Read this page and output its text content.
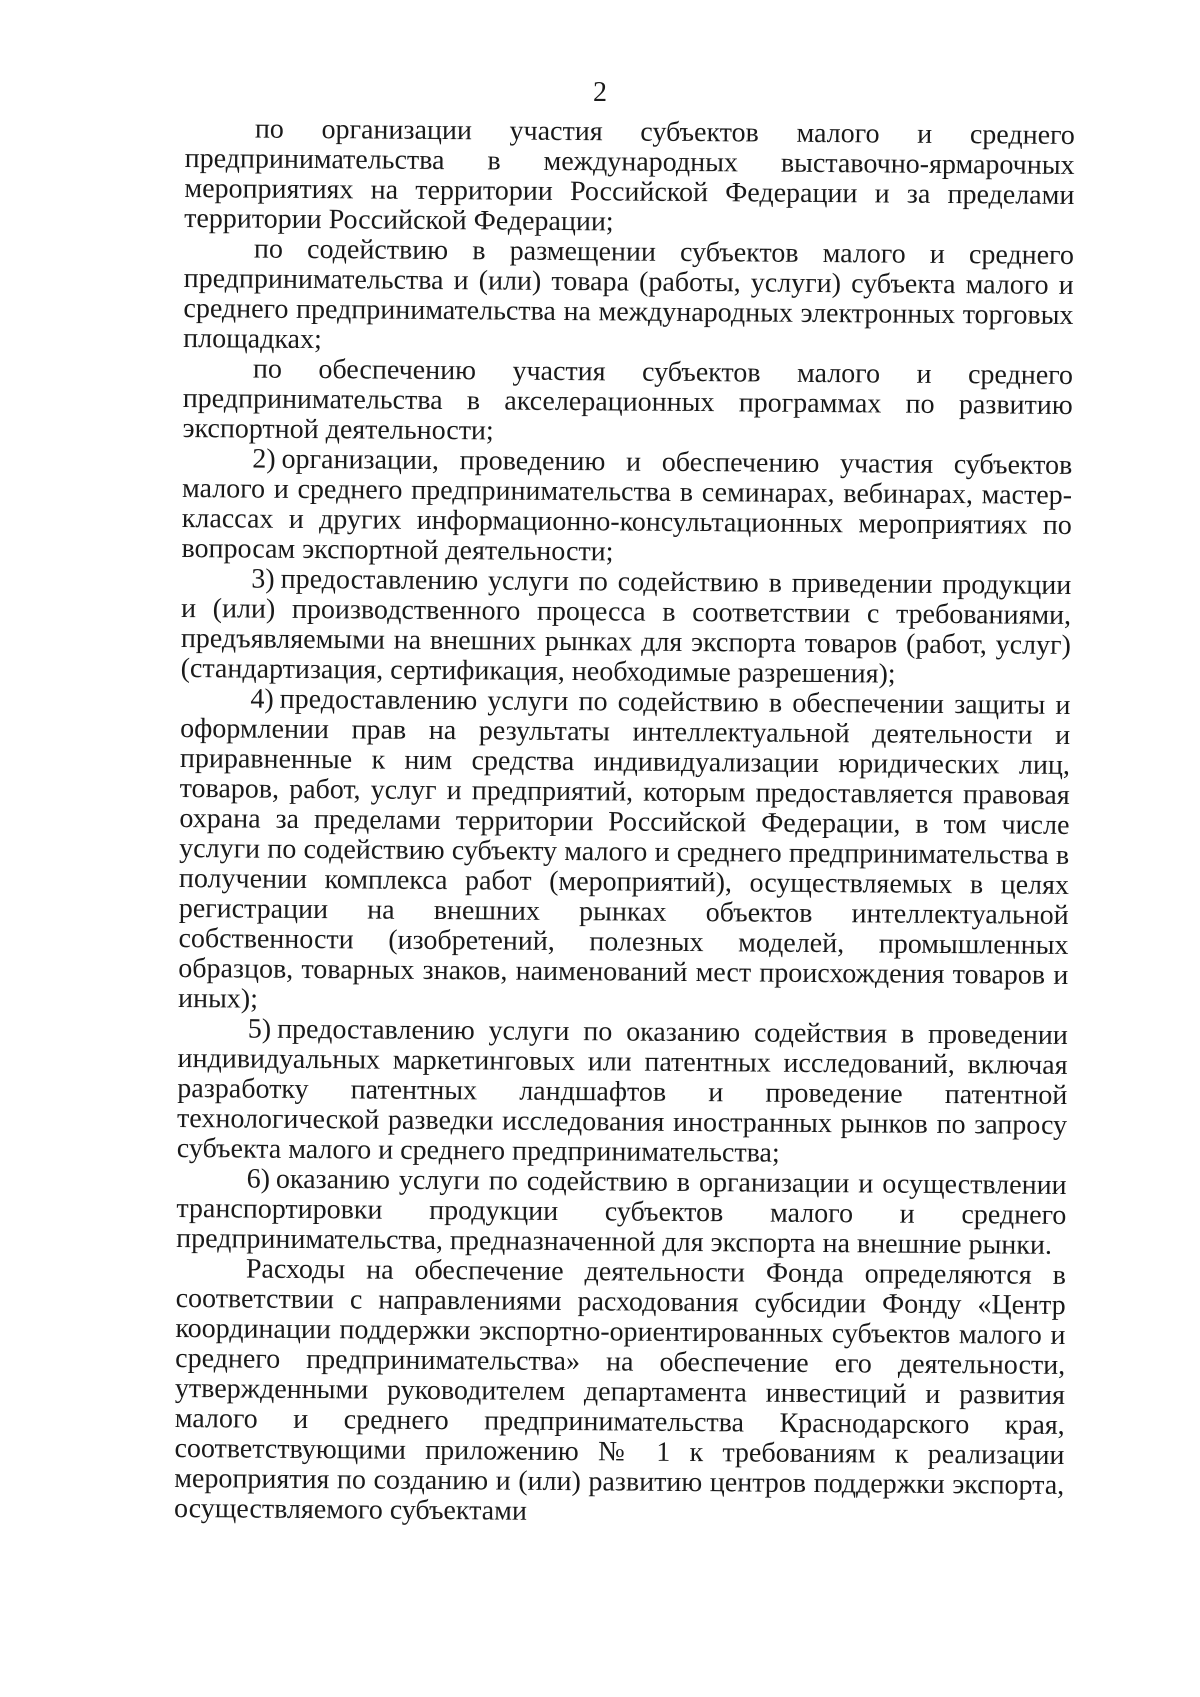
2

по организации участия субъектов малого и среднего предпринимательства в международных выставочно-ярмарочных мероприятиях на территории Российской Федерации и за пределами территории Российской Федерации;

по содействию в размещении субъектов малого и среднего предпринимательства и (или) товара (работы, услуги) субъекта малого и среднего предпринимательства на международных электронных торговых площадках;

по обеспечению участия субъектов малого и среднего предпринимательства в акселерационных программах по развитию экспортной деятельности;

2) организации, проведению и обеспечению участия субъектов малого и среднего предпринимательства в семинарах, вебинарах, мастер-классах и других информационно-консультационных мероприятиях по вопросам экспортной деятельности;

3) предоставлению услуги по содействию в приведении продукции и (или) производственного процесса в соответствии с требованиями, предъявляемыми на внешних рынках для экспорта товаров (работ, услуг) (стандартизация, сертификация, необходимые разрешения);

4) предоставлению услуги по содействию в обеспечении защиты и оформлении прав на результаты интеллектуальной деятельности и приравненные к ним средства индивидуализации юридических лиц, товаров, работ, услуг и предприятий, которым предоставляется правовая охрана за пределами территории Российской Федерации, в том числе услуги по содействию субъекту малого и среднего предпринимательства в получении комплекса работ (мероприятий), осуществляемых в целях регистрации на внешних рынках объектов интеллектуальной собственности (изобретений, полезных моделей, промышленных образцов, товарных знаков, наименований мест происхождения товаров и иных);

5) предоставлению услуги по оказанию содействия в проведении индивидуальных маркетинговых или патентных исследований, включая разработку патентных ландшафтов и проведение патентной технологической разведки исследования иностранных рынков по запросу субъекта малого и среднего предпринимательства;

6) оказанию услуги по содействию в организации и осуществлении транспортировки продукции субъектов малого и среднего предпринимательства, предназначенной для экспорта на внешние рынки.

Расходы на обеспечение деятельности Фонда определяются в соответствии с направлениями расходования субсидии Фонду «Центр координации поддержки экспортно-ориентированных субъектов малого и среднего предпринимательства» на обеспечение его деятельности, утвержденными руководителем департамента инвестиций и развития малого и среднего предпринимательства Краснодарского края, соответствующими приложению № 1 к требованиям к реализации мероприятия по созданию и (или) развитию центров поддержки экспорта, осуществляемого субъектами
